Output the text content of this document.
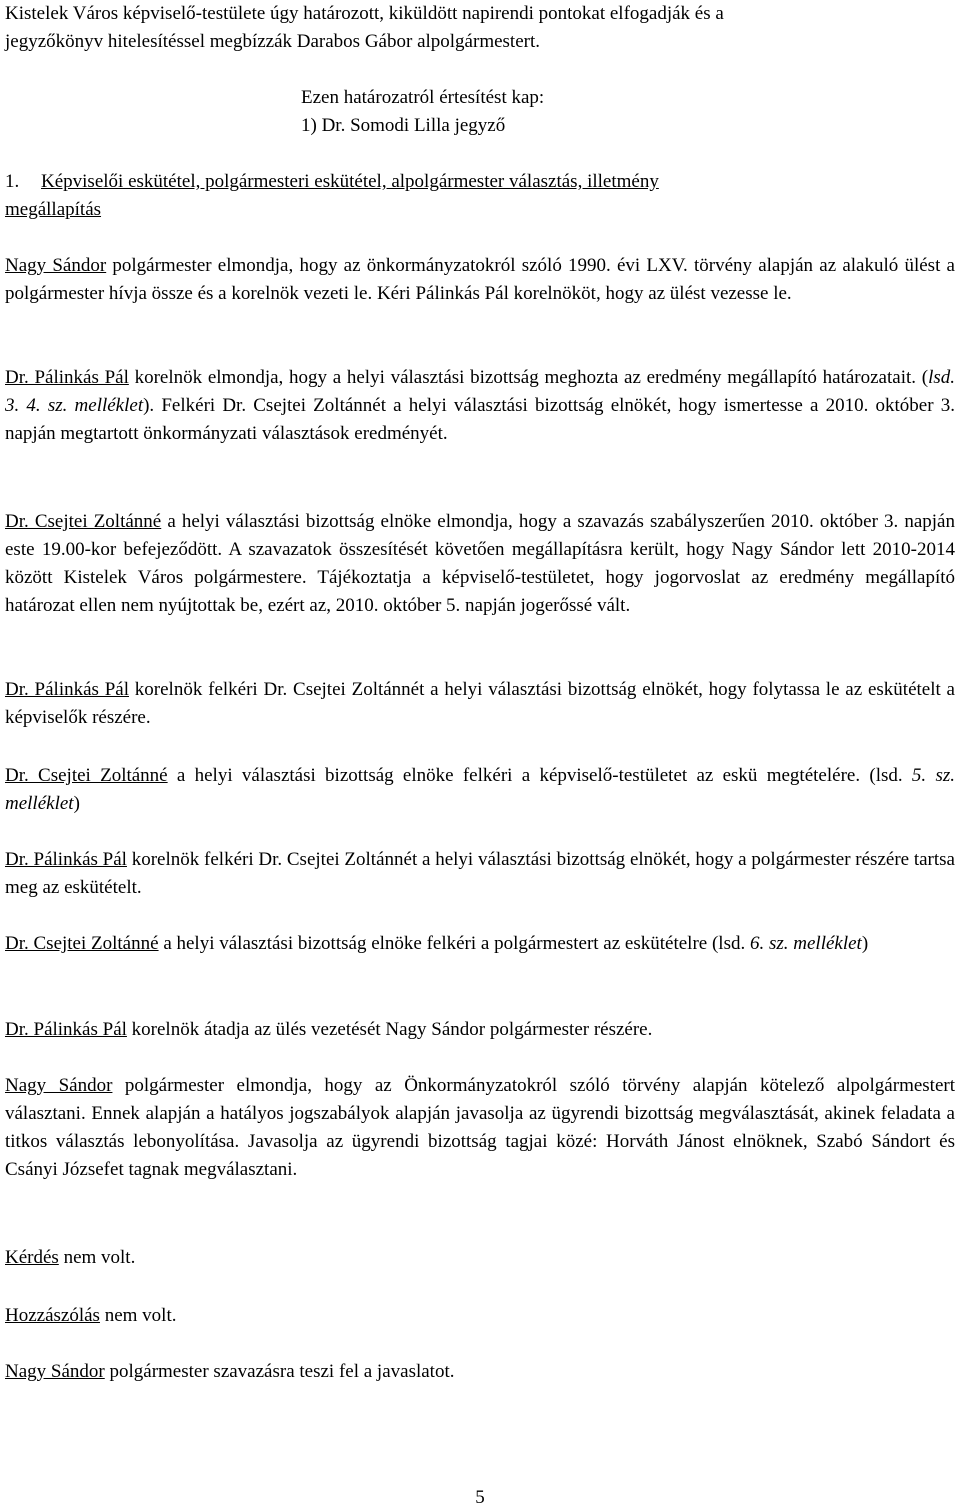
Kistelek Város képviselő-testülete úgy határozott, kiküldött napirendi pontokat elfogadják és a
jegyzőkönyv hitelesítéssel megbízzák Darabos Gábor alpolgármestert.

Ezen határozatról értesítést kap:
1) Dr. Somodi Lilla jegyző

1. Képviselői eskütétel, polgármesteri eskütétel, alpolgármester választás, illetmény
megállapítás

Nagy Sándor polgármester elmondja, hogy az önkormányzatokról szóló 1990. évi LXV. törvény alapján az alakuló ülést a polgármester hívja össze és a korelnök vezeti le. Kéri Pálinkás Pál korelnököt, hogy az ülést vezesse le.

Dr. Pálinkás Pál korelnök elmondja, hogy a helyi választási bizottság meghozta az eredmény megállapító határozatait. (lsd. 3. 4. sz. melléklet). Felkéri Dr. Csejtei Zoltánnét a helyi választási bizottság elnökét, hogy ismertesse a 2010. október 3. napján megtartott önkormányzati választások eredményét.

Dr. Csejtei Zoltánné a helyi választási bizottság elnöke elmondja, hogy a szavazás szabályszerűen 2010. október 3. napján este 19.00-kor befejeződött. A szavazatok összesítését követően megállapításra került, hogy Nagy Sándor lett 2010-2014 között Kistelek Város polgármestere. Tájékoztatja a képviselő-testületet, hogy jogorvoslat az eredmény megállapító határozat ellen nem nyújtottak be, ezért az, 2010. október 5. napján jogerőssé vált.

Dr. Pálinkás Pál korelnök felkéri Dr. Csejtei Zoltánnét a helyi választási bizottság elnökét, hogy folytassa le az eskütételt a képviselők részére.

Dr. Csejtei Zoltánné a helyi választási bizottság elnöke felkéri a képviselő-testületet az eskü megtételére. (lsd. 5. sz. melléklet)

Dr. Pálinkás Pál korelnök felkéri Dr. Csejtei Zoltánnét a helyi választási bizottság elnökét, hogy a polgármester részére tartsa meg az eskütételt.

Dr. Csejtei Zoltánné a helyi választási bizottság elnöke felkéri a polgármestert az eskütételre (lsd. 6. sz. melléklet)

Dr. Pálinkás Pál korelnök átadja az ülés vezetését Nagy Sándor polgármester részére.

Nagy Sándor polgármester elmondja, hogy az Önkormányzatokról szóló törvény alapján kötelező alpolgármestert választani. Ennek alapján a hatályos jogszabályok alapján javasolja az ügyrendi bizottság megválasztását, akinek feladata a titkos választás lebonyolítása. Javasolja az ügyrendi bizottság tagjai közé: Horváth Jánost elnöknek, Szabó Sándort és Csányi Józsefet tagnak megválasztani.

Kérdés nem volt.

Hozzászólás nem volt.

Nagy Sándor polgármester szavazásra teszi fel a javaslatot.

5
